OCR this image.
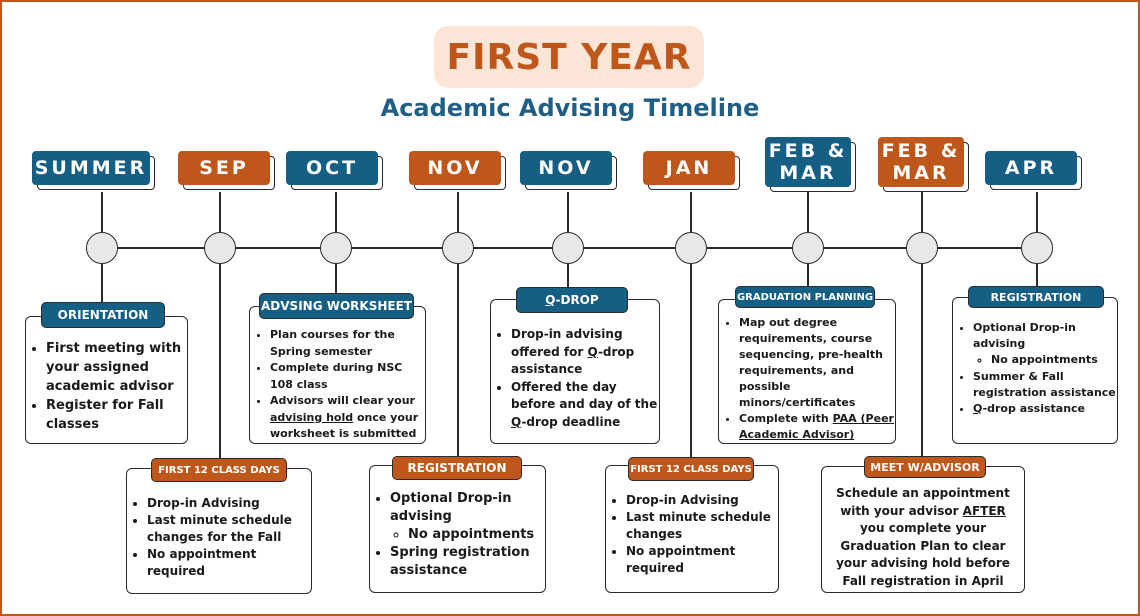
FIRST YEAR
Academic Advising Timeline
SUMMER	SEP	OCT	NOV	NOV	JAN
FEB &
MAR
FEB &
MAR	APR
• First meeting with your assigned academic advisor
• Register for Fall classes
ORIENTATION
• Drop-in Advising
• Last minute schedule changes for the Fall
• No appointment required
FIRST 12 CLASS DAYS
• Plan courses for the Spring semester
• Complete during NSC 108 class
• Advisors will clear your advising hold once your worksheet is submitted
ADVSING WORKSHEET
• Optional Drop-in advising
◦ No appointments
• Spring registration assistance
REGISTRATION
• Drop-in advising offered for Q-drop assistance
• Offered the day before and day of the Q-drop deadline
Q -DROP
• Drop-in Advising
• Last minute schedule changes
• No appointment required
FIRST 12 CLASS DAYS
• Map out degree requirements, course sequencing, pre-health requirements, and possible minors/certificates
• Complete with PAA (Peer Academic Advisor)
GRADUATION PLANNING
Schedule an appointment with your advisor AFTER you complete your Graduation Plan to clear your advising hold before Fall registration in April
MEET W/ADVISOR
• Optional Drop-in advising
◦ No appointments
• Summer & Fall registration assistance
• Q-drop assistance
REGISTRATION
